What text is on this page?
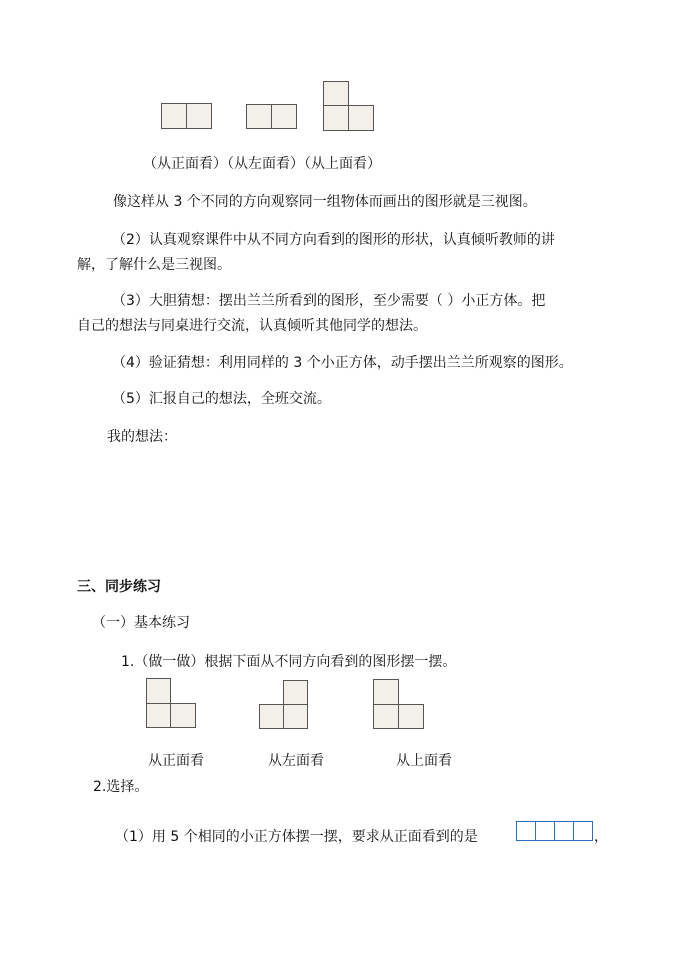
（从正面看）（从左面看）（从上面看）
像这样从 3 个不同的方向观察同一组物体而画出的图形就是三视图。
（2）认真观察课件中从不同方向看到的图形的形状，认真倾听教师的讲
解，了解什么是三视图。
（3）大胆猜想：摆出兰兰所看到的图形，至少需要（ ）小正方体。把
自己的想法与同桌进行交流，认真倾听其他同学的想法。
（4）验证猜想：利用同样的 3 个小正方体，动手摆出兰兰所观察的图形。
（5）汇报自己的想法，全班交流。
我的想法：
三、同步练习
（一）基本练习
1.（做一做）根据下面从不同方向看到的图形摆一摆。
从正面看	从左面看	从上面看
2.选择。
（1）用 5 个相同的小正方体摆一摆，要求从正面看到的是	，
